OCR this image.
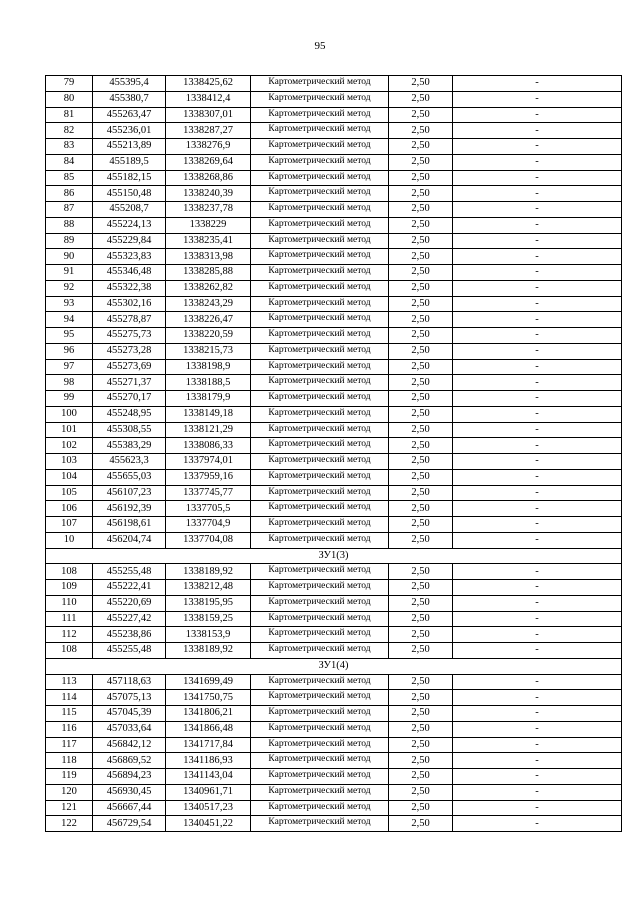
95
79	455395,4	1338425,62	Картометрический метод	2,50	-
80	455380,7	1338412,4	Картометрический метод	2,50	-
81	455263,47	1338307,01	Картометрический метод	2,50	-
82	455236,01	1338287,27	Картометрический метод	2,50	-
83	455213,89	1338276,9	Картометрический метод	2,50	-
84	455189,5	1338269,64	Картометрический метод	2,50	-
85	455182,15	1338268,86	Картометрический метод	2,50	-
86	455150,48	1338240,39	Картометрический метод	2,50	-
87	455208,7	1338237,78	Картометрический метод	2,50	-
88	455224,13	1338229	Картометрический метод	2,50	-
89	455229,84	1338235,41	Картометрический метод	2,50	-
90	455323,83	1338313,98	Картометрический метод	2,50	-
91	455346,48	1338285,88	Картометрический метод	2,50	-
92	455322,38	1338262,82	Картометрический метод	2,50	-
93	455302,16	1338243,29	Картометрический метод	2,50	-
94	455278,87	1338226,47	Картометрический метод	2,50	-
95	455275,73	1338220,59	Картометрический метод	2,50	-
96	455273,28	1338215,73	Картометрический метод	2,50	-
97	455273,69	1338198,9	Картометрический метод	2,50	-
98	455271,37	1338188,5	Картометрический метод	2,50	-
99	455270,17	1338179,9	Картометрический метод	2,50	-
100	455248,95	1338149,18	Картометрический метод	2,50	-
101	455308,55	1338121,29	Картометрический метод	2,50	-
102	455383,29	1338086,33	Картометрический метод	2,50	-
103	455623,3	1337974,01	Картометрический метод	2,50	-
104	455655,03	1337959,16	Картометрический метод	2,50	-
105	456107,23	1337745,77	Картометрический метод	2,50	-
106	456192,39	1337705,5	Картометрический метод	2,50	-
107	456198,61	1337704,9	Картометрический метод	2,50	-
10	456204,74	1337704,08	Картометрический метод	2,50	-
ЗУ1(3)					
108	455255,48	1338189,92	Картометрический метод	2,50	-
109	455222,41	1338212,48	Картометрический метод	2,50	-
110	455220,69	1338195,95	Картометрический метод	2,50	-
111	455227,42	1338159,25	Картометрический метод	2,50	-
112	455238,86	1338153,9	Картометрический метод	2,50	-
108	455255,48	1338189,92	Картометрический метод	2,50	-
ЗУ1(4)					
113	457118,63	1341699,49	Картометрический метод	2,50	-
114	457075,13	1341750,75	Картометрический метод	2,50	-
115	457045,39	1341806,21	Картометрический метод	2,50	-
116	457033,64	1341866,48	Картометрический метод	2,50	-
117	456842,12	1341717,84	Картометрический метод	2,50	-
118	456869,52	1341186,93	Картометрический метод	2,50	-
119	456894,23	1341143,04	Картометрический метод	2,50	-
120	456930,45	1340961,71	Картометрический метод	2,50	-
121	456667,44	1340517,23	Картометрический метод	2,50	-
122	456729,54	1340451,22	Картометрический метод	2,50	-
